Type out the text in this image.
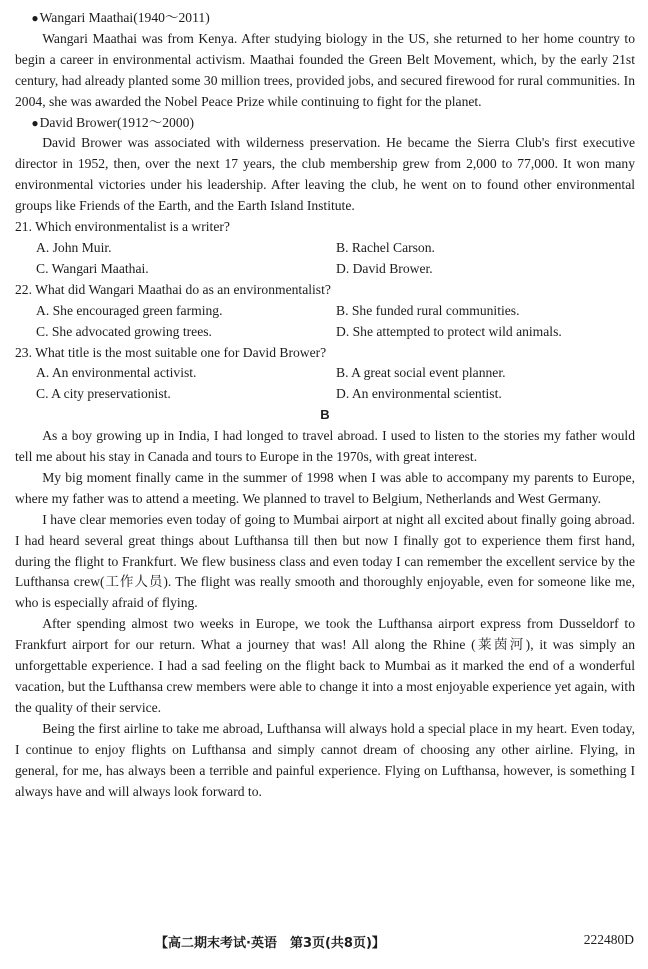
●Wangari Maathai(1940～2011)

Wangari Maathai was from Kenya. After studying biology in the US, she returned to her home country to begin a career in environmental activism. Maathai founded the Green Belt Movement, which, by the early 21st century, had already planted some 30 million trees, provided jobs, and secured firewood for rural communities. In 2004, she was awarded the Nobel Peace Prize while continuing to fight for the planet.

●David Brower(1912～2000)

David Brower was associated with wilderness preservation. He became the Sierra Club's first executive director in 1952, then, over the next 17 years, the club membership grew from 2,000 to 77,000. It won many environmental victories under his leadership. After leaving the club, he went on to found other environmental groups like Friends of the Earth, and the Earth Island Institute.

21. Which environmentalist is a writer?

A. John Muir.	B. Rachel Carson.
C. Wangari Maathai.	D. David Brower.

22. What did Wangari Maathai do as an environmentalist?

A. She encouraged green farming.	B. She funded rural communities.
C. She advocated growing trees.	D. She attempted to protect wild animals.

23. What title is the most suitable one for David Brower?

A. An environmental activist.	B. A great social event planner.
C. A city preservationist.	D. An environmental scientist.

B

As a boy growing up in India, I had longed to travel abroad. I used to listen to the stories my father would tell me about his stay in Canada and tours to Europe in the 1970s, with great interest.

My big moment finally came in the summer of 1998 when I was able to accompany my parents to Europe, where my father was to attend a meeting. We planned to travel to Belgium, Netherlands and West Germany.

I have clear memories even today of going to Mumbai airport at night all excited about finally going abroad. I had heard several great things about Lufthansa till then but now I finally got to experience them first hand, during the flight to Frankfurt. We flew business class and even today I can remember the excellent service by the Lufthansa crew(工作人员). The flight was really smooth and thoroughly enjoyable, even for someone like me, who is especially afraid of flying.

After spending almost two weeks in Europe, we took the Lufthansa airport express from Dusseldorf to Frankfurt airport for our return. What a journey that was! All along the Rhine (莱茵河), it was simply an unforgettable experience. I had a sad feeling on the flight back to Mumbai as it marked the end of a wonderful vacation, but the Lufthansa crew members were able to change it into a most enjoyable experience yet again, with the quality of their service.

Being the first airline to take me abroad, Lufthansa will always hold a special place in my heart. Even today, I continue to enjoy flights on Lufthansa and simply cannot dream of choosing any other airline. Flying, in general, for me, has always been a terrible and painful experience. Flying on Lufthansa, however, is something I always have and will always look forward to.

【高二期末考试·英语　第3页(共8页)】	222480D
